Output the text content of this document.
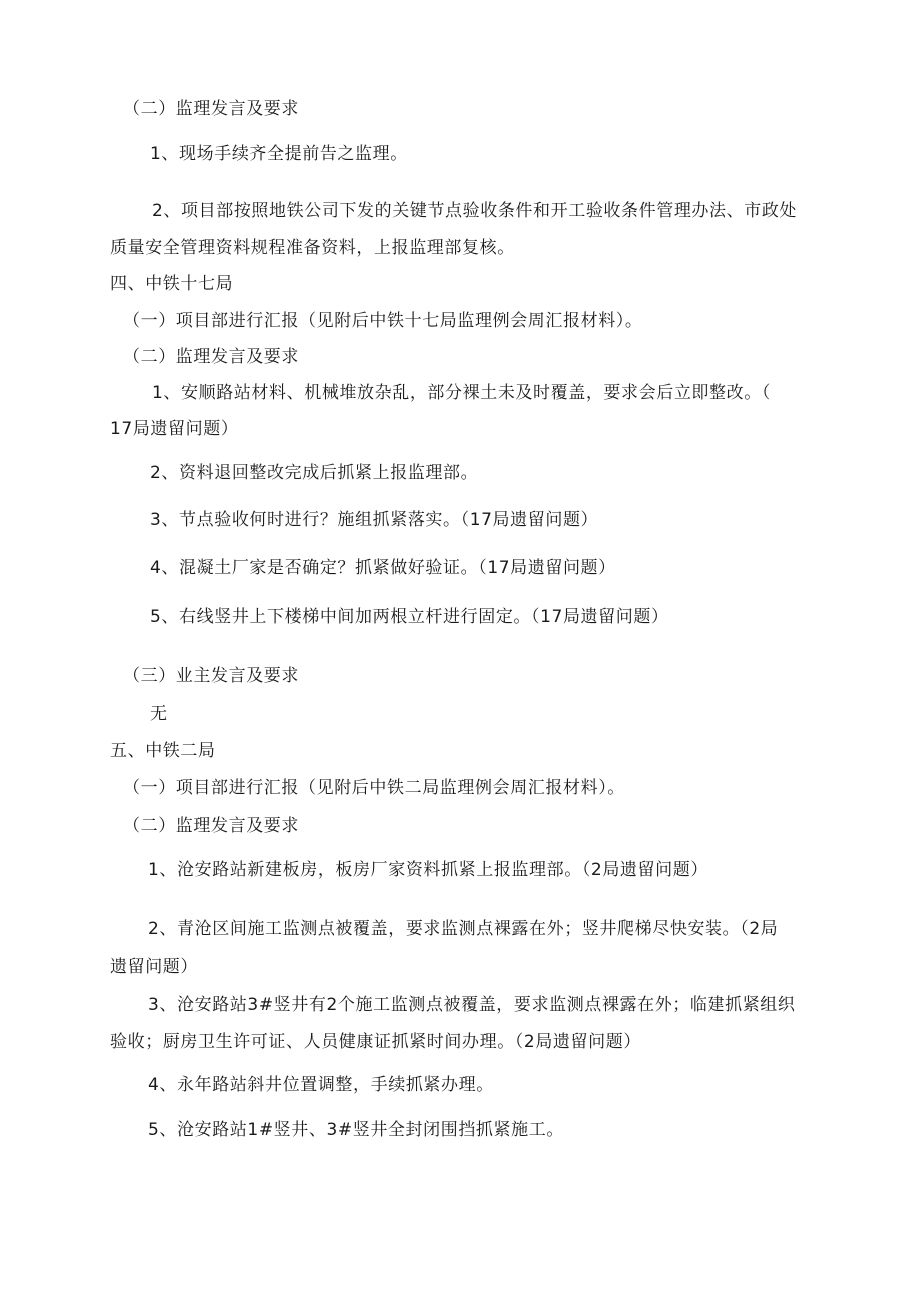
（二）监理发言及要求
1、现场手续齐全提前告之监理。
2、项目部按照地铁公司下发的关键节点验收条件和开工验收条件管理办法、市政处
质量安全管理资料规程准备资料，上报监理部复核。
四、中铁十七局
（一）项目部进行汇报（见附后中铁十七局监理例会周汇报材料）。
（二）监理发言及要求
1、安顺路站材料、机械堆放杂乱，部分裸土未及时覆盖，要求会后立即整改。（
17局遗留问题）
2、资料退回整改完成后抓紧上报监理部。
3、节点验收何时进行？施组抓紧落实。（17局遗留问题）
4、混凝土厂家是否确定？抓紧做好验证。（17局遗留问题）
5、右线竖井上下楼梯中间加两根立杆进行固定。（17局遗留问题）
（三）业主发言及要求
无
五、中铁二局
（一）项目部进行汇报（见附后中铁二局监理例会周汇报材料）。
（二）监理发言及要求
1、沧安路站新建板房，板房厂家资料抓紧上报监理部。（2局遗留问题）
2、青沧区间施工监测点被覆盖，要求监测点裸露在外；竖井爬梯尽快安装。（2局
遗留问题）
3、沧安路站3#竖井有2个施工监测点被覆盖，要求监测点裸露在外；临建抓紧组织
验收；厨房卫生许可证、人员健康证抓紧时间办理。（2局遗留问题）
4、永年路站斜井位置调整，手续抓紧办理。
5、沧安路站1#竖井、3#竖井全封闭围挡抓紧施工。
